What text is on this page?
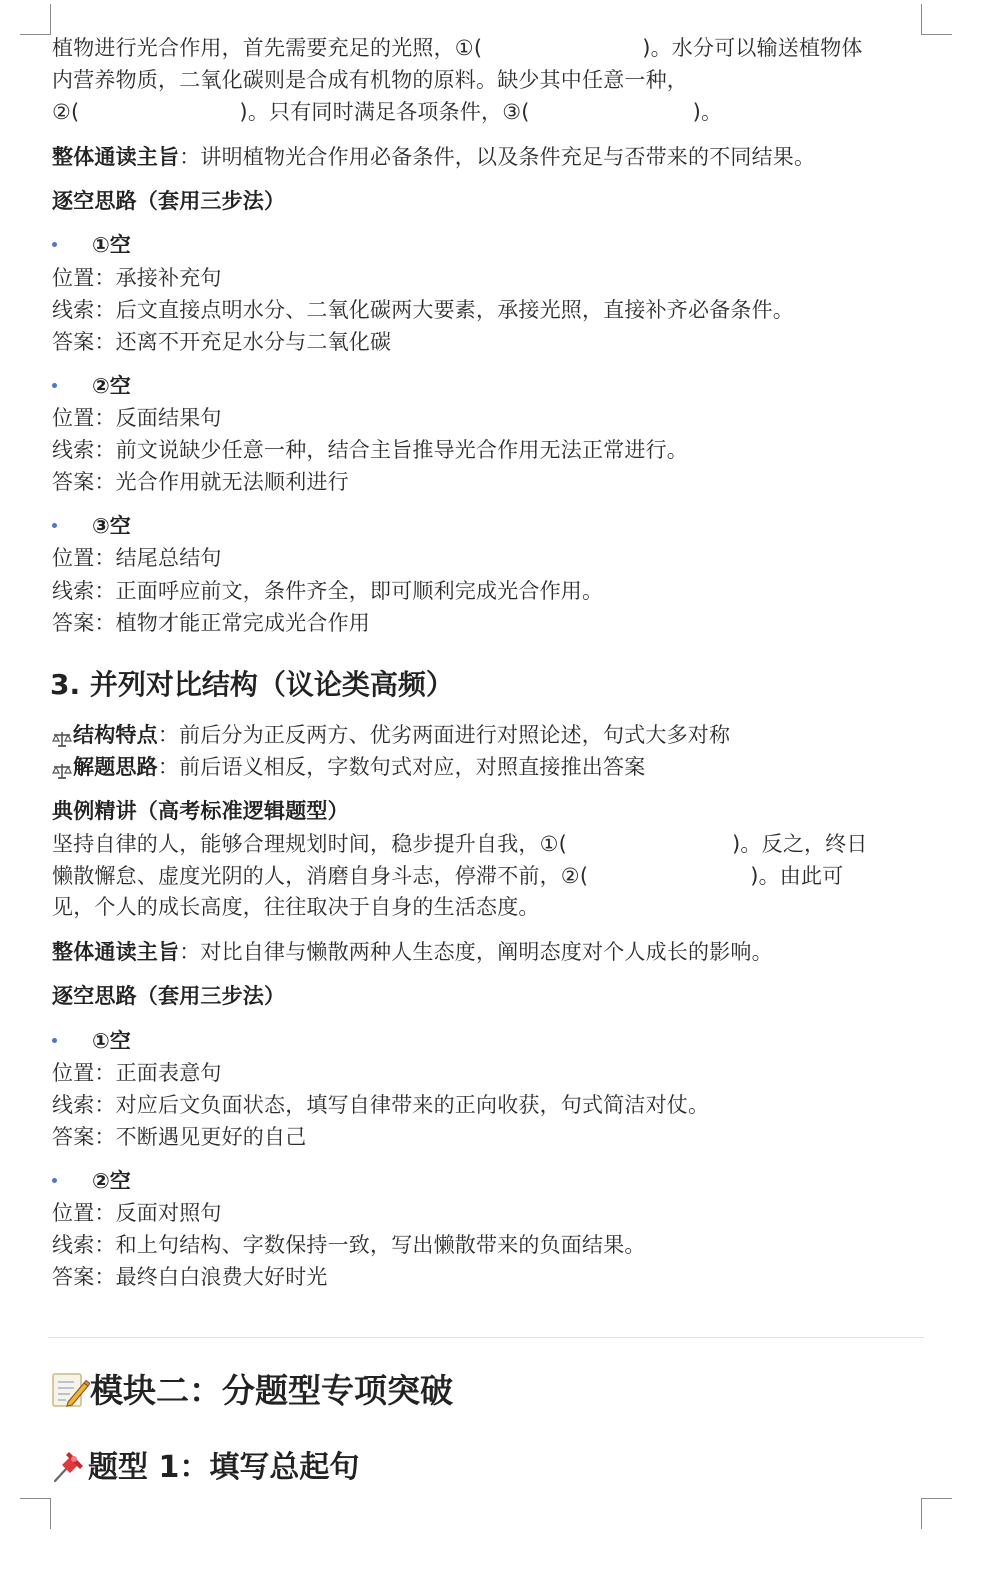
植物进行光合作用，首先需要充足的光照，①(	)。水分可以输送植物体
内营养物质，二氧化碳则是合成有机物的原料。缺少其中任意一种，
②(	)。只有同时满足各项条件，③(	)。
整体通读主旨：讲明植物光合作用必备条件，以及条件充足与否带来的不同结果。
逐空思路（套用三步法）
①空
位置：承接补充句
线索：后文直接点明水分、二氧化碳两大要素，承接光照，直接补齐必备条件。
答案：还离不开充足水分与二氧化碳
②空
位置：反面结果句
线索：前文说缺少任意一种，结合主旨推导光合作用无法正常进行。
答案：光合作用就无法顺利进行
③空
位置：结尾总结句
线索：正面呼应前文，条件齐全，即可顺利完成光合作用。
答案：植物才能正常完成光合作用
3. 并列对比结构（议论类高频）
结构特点：前后分为正反两方、优劣两面进行对照论述，句式大多对称
解题思路：前后语义相反，字数句式对应，对照直接推出答案
典例精讲（高考标准逻辑题型）
坚持自律的人，能够合理规划时间，稳步提升自我，①(	)。反之，终日
懒散懈怠、虚度光阴的人，消磨自身斗志，停滞不前，②(	)。由此可
见，个人的成长高度，往往取决于自身的生活态度。
整体通读主旨：对比自律与懒散两种人生态度，阐明态度对个人成长的影响。
逐空思路（套用三步法）
①空
位置：正面表意句
线索：对应后文负面状态，填写自律带来的正向收获，句式简洁对仗。
答案：不断遇见更好的自己
②空
位置：反面对照句
线索：和上句结构、字数保持一致，写出懒散带来的负面结果。
答案：最终白白浪费大好时光
模块二：分题型专项突破
题型 1：填写总起句
